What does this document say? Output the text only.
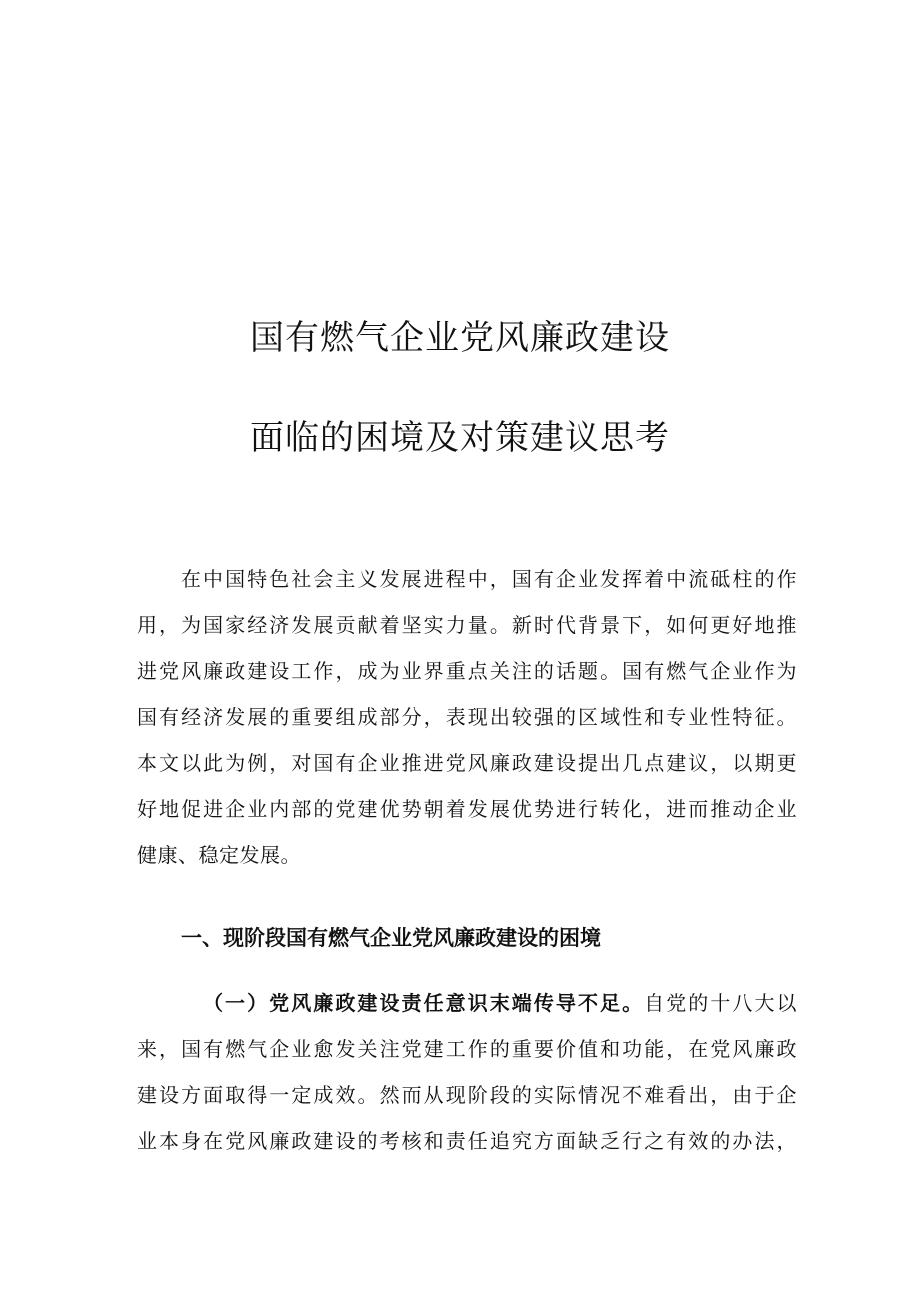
国有燃气企业党风廉政建设
面临的困境及对策建议思考
在中国特色社会主义发展进程中，国有企业发挥着中流砥柱的作
用，为国家经济发展贡献着坚实力量。新时代背景下，如何更好地推
进党风廉政建设工作，成为业界重点关注的话题。国有燃气企业作为
国有经济发展的重要组成部分，表现出较强的区域性和专业性特征。
本文以此为例，对国有企业推进党风廉政建设提出几点建议，以期更
好地促进企业内部的党建优势朝着发展优势进行转化，进而推动企业
健康、稳定发展。
一、现阶段国有燃气企业党风廉政建设的困境
（一）党风廉政建设责任意识末端传导不足。自党的十八大以
来，国有燃气企业愈发关注党建工作的重要价值和功能，在党风廉政
建设方面取得一定成效。然而从现阶段的实际情况不难看出，由于企
业本身在党风廉政建设的考核和责任追究方面缺乏行之有效的办法，
